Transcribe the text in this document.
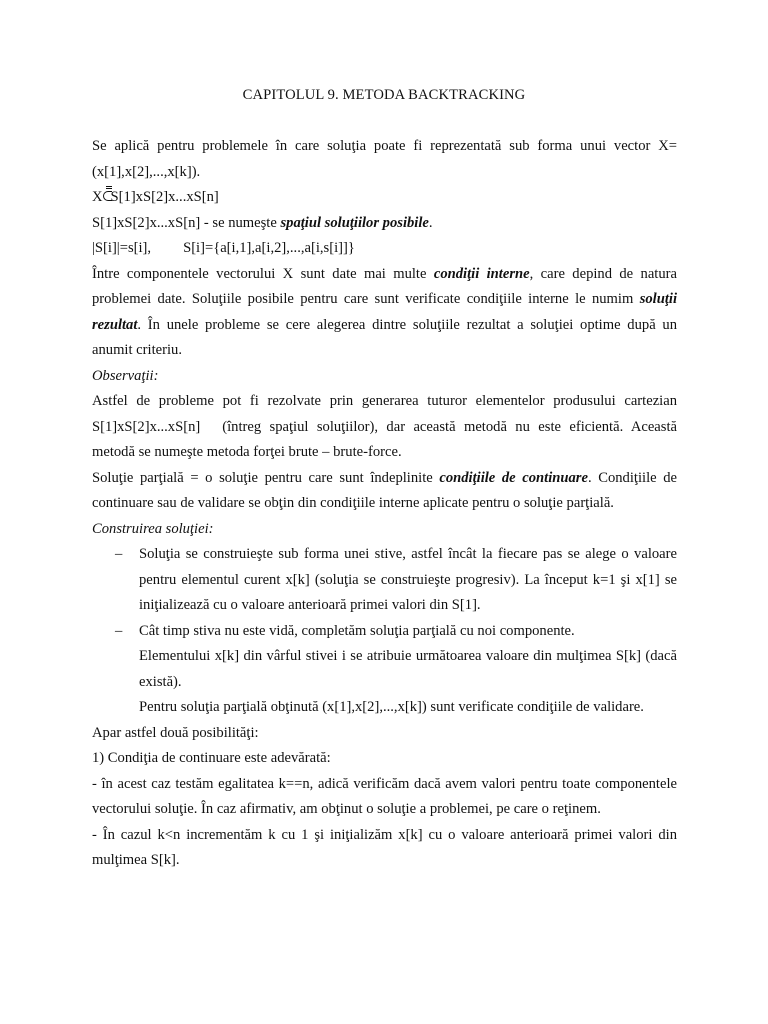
CAPITOLUL 9. METODA BACKTRACKING

Se aplică pentru problemele în care soluţia poate fi reprezentată sub forma unui vector X=(x[1],x[2],...,x[k]).

X S[1]xS[2]x...xS[n]

S[1]xS[2]x...xS[n] - se numeşte spaţiul soluţiilor posibile.

|S[i]|=s[i], S[i]={a[i,1],a[i,2],...,a[i,s[i]]}

Între componentele vectorului X sunt date mai multe condiţii interne, care depind de natura problemei date. Soluţiile posibile pentru care sunt verificate condiţiile interne le numim soluţii rezultat. În unele probleme se cere alegerea dintre soluţiile rezultat a soluţiei optime după un anumit criteriu.

Observaţii:

Astfel de probleme pot fi rezolvate prin generarea tuturor elementelor produsului cartezian S[1]xS[2]x...xS[n] (întreg spaţiul soluţiilor), dar această metodă nu este eficientă. Această metodă se numeşte metoda forţei brute – brute-force.

Soluţie parţială = o soluţie pentru care sunt îndeplinite condiţiile de continuare. Condiţiile de continuare sau de validare se obţin din condiţiile interne aplicate pentru o soluţie parţială.

Construirea soluţiei:

– Soluţia se construieşte sub forma unei stive, astfel încât la fiecare pas se alege o valoare pentru elementul curent x[k] (soluţia se construieşte progresiv). La început k=1 şi x[1] se iniţializează cu o valoare anterioară primei valori din S[1].

– Cât timp stiva nu este vidă, completăm soluţia parţială cu noi componente.

Elementului x[k] din vârful stivei i se atribuie următoarea valoare din mulţimea S[k] (dacă există).

Pentru soluţia parţială obţinută (x[1],x[2],...,x[k]) sunt verificate condiţiile de validare.

Apar astfel două posibilităţi:

1) Condiţia de continuare este adevărată:

- în acest caz testăm egalitatea k==n, adică verificăm dacă avem valori pentru toate componentele vectorului soluţie. În caz afirmativ, am obţinut o soluţie a problemei, pe care o reţinem.

- În cazul k<n incrementăm k cu 1 şi iniţializăm x[k] cu o valoare anterioară primei valori din mulţimea S[k].
